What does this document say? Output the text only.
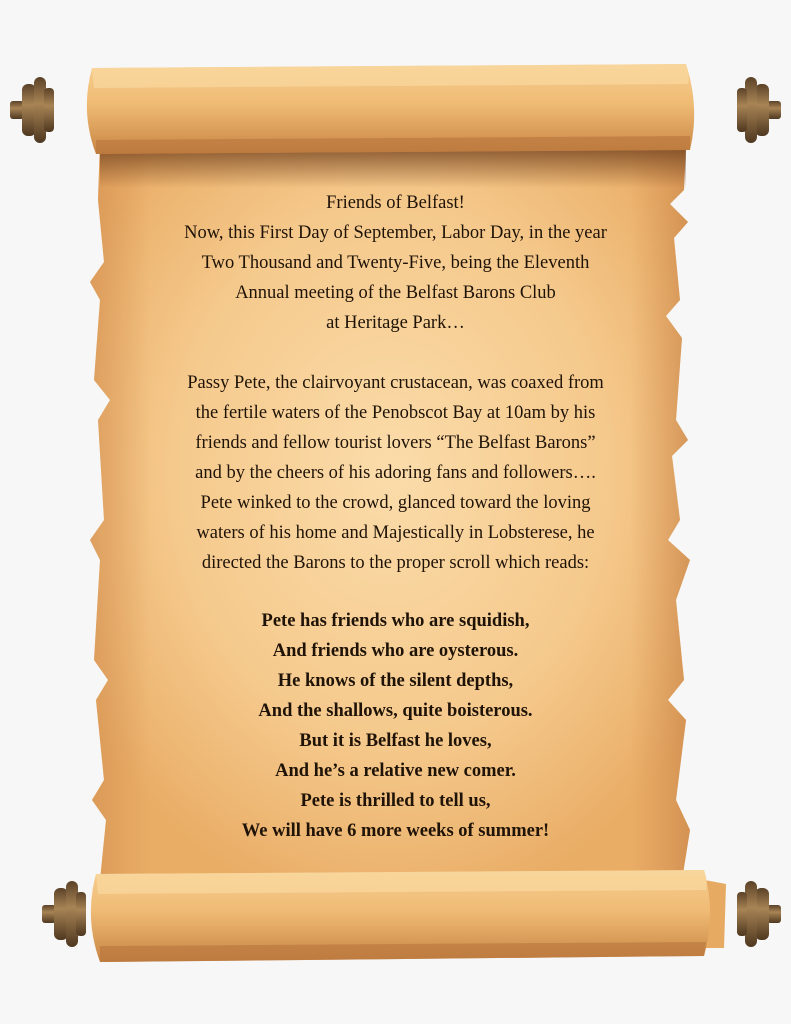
Friends of Belfast!

Now, this First Day of September, Labor Day, in the year

Two Thousand and Twenty-Five, being the Eleventh

Annual meeting of the Belfast Barons Club

at Heritage Park…

Passy Pete, the clairvoyant crustacean, was coaxed from

the fertile waters of the Penobscot Bay at 10am by his

friends and fellow tourist lovers “The Belfast Barons”

and by the cheers of his adoring fans and followers….

Pete winked to the crowd, glanced toward the loving

waters of his home and Majestically in Lobsterese, he

directed the Barons to the proper scroll which reads:

Pete has friends who are squidish,

And friends who are oysterous.

He knows of the silent depths,

And the shallows, quite boisterous.

But it is Belfast he loves,

And he’s a relative new comer.

Pete is thrilled to tell us,

We will have 6 more weeks of summer!
